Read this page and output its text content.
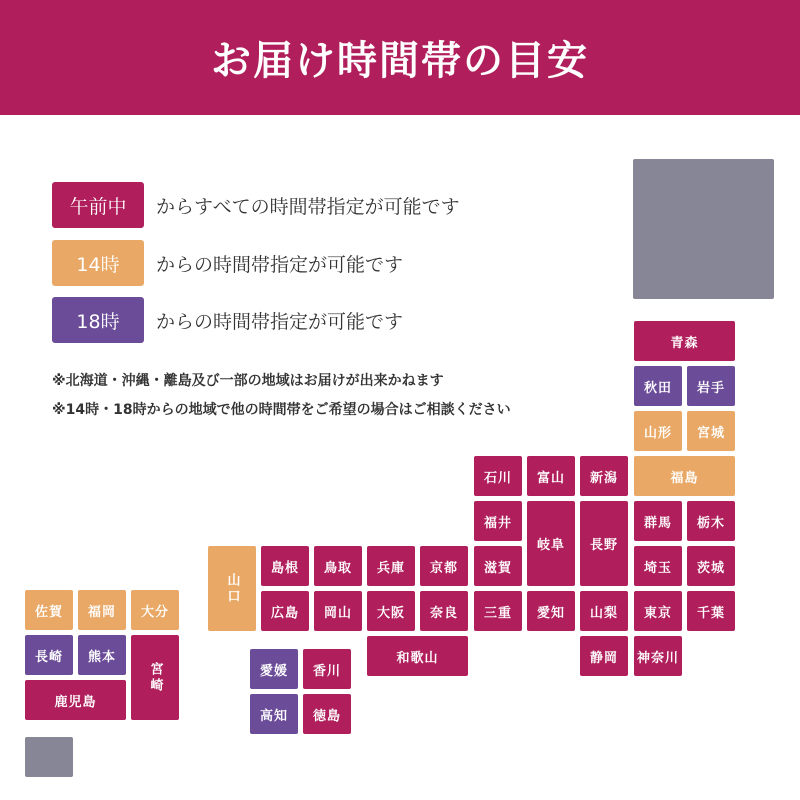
お届け時間帯の目安
午前中	からすべての時間帯指定が可能です
14時	からの時間帯指定が可能です
18時	からの時間帯指定が可能です
※北海道・沖縄・離島及び一部の地域はお届けが出来かねます
※14時・18時からの地域で他の時間帯をご希望の場合はご相談ください
青森
秋田	岩手
山形	宮城
福島
石川	富山	新潟
群馬	栃木
福井
岐阜	長野
埼玉	茨城
山口
島根	鳥取	兵庫	京都	滋賀
広島	岡山	大阪	奈良	三重	愛知	山梨	東京	千葉
和歌山	静岡	神奈川
愛媛	香川
高知	徳島
佐賀	福岡	大分
長崎	熊本
宮崎
鹿児島
